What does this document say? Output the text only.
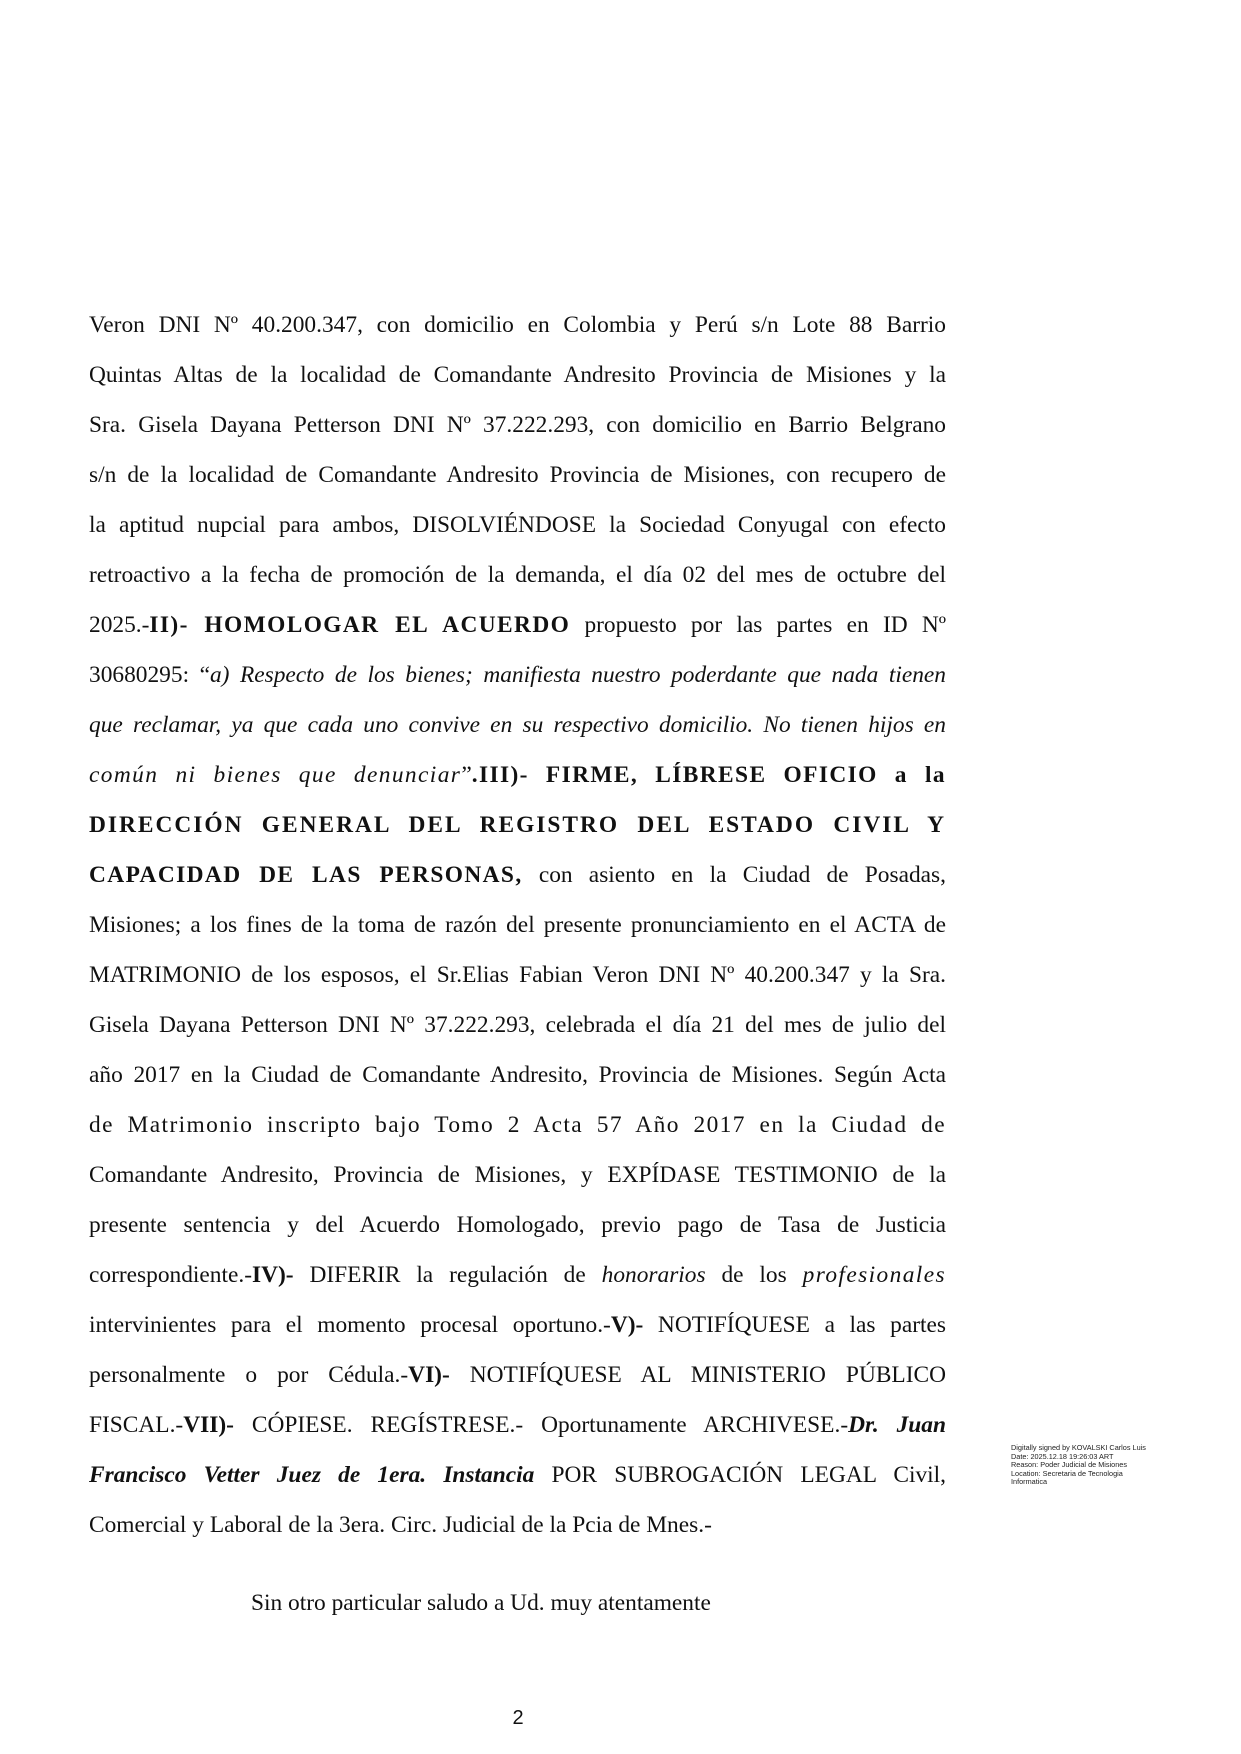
Veron DNI Nº 40.200.347, con domicilio en Colombia y Perú s/n Lote 88 Barrio
Quintas Altas de la localidad de Comandante Andresito Provincia de Misiones y la
Sra. Gisela Dayana Petterson DNI Nº 37.222.293, con domicilio en Barrio Belgrano
s/n de la localidad de Comandante Andresito Provincia de Misiones, con recupero de
la aptitud nupcial para ambos, DISOLVIÉNDOSE la Sociedad Conyugal con efecto
retroactivo a la fecha de promoción de la demanda, el día 02 del mes de octubre del
2025.-II)- HOMOLOGAR EL ACUERDO propuesto por las partes en ID Nº
30680295: “a) Respecto de los bienes; manifiesta nuestro poderdante que nada tienen
que reclamar, ya que cada uno convive en su respectivo domicilio. No tienen hijos en
común ni bienes que denunciar”.III)- FIRME, LÍBRESE OFICIO a la
DIRECCIÓN GENERAL DEL REGISTRO DEL ESTADO CIVIL Y
CAPACIDAD DE LAS PERSONAS, con asiento en la Ciudad de Posadas,
Misiones; a los fines de la toma de razón del presente pronunciamiento en el ACTA de
MATRIMONIO de los esposos, el Sr.Elias Fabian Veron DNI Nº 40.200.347 y la Sra.
Gisela Dayana Petterson DNI Nº 37.222.293, celebrada el día 21 del mes de julio del
año 2017 en la Ciudad de Comandante Andresito, Provincia de Misiones. Según Acta
de Matrimonio inscripto bajo Tomo 2 Acta 57 Año 2017 en la Ciudad de
Comandante Andresito, Provincia de Misiones, y EXPÍDASE TESTIMONIO de la
presente sentencia y del Acuerdo Homologado, previo pago de Tasa de Justicia
correspondiente.-IV)- DIFERIR la regulación de honorarios de los profesionales
intervinientes para el momento procesal oportuno.-V)- NOTIFÍQUESE a las partes
personalmente o por Cédula.-VI)- NOTIFÍQUESE AL MINISTERIO PÚBLICO
FISCAL.-VII)- CÓPIESE. REGÍSTRESE.- Oportunamente ARCHIVESE.-Dr. Juan
Francisco Vetter Juez de 1era. Instancia POR SUBROGACIÓN LEGAL Civil,
Comercial y Laboral de la 3era. Circ. Judicial de la Pcia de Mnes.-
Sin otro particular saludo a Ud. muy atentamente
Digitally signed by KOVALSKI Carlos Luis
Date: 2025.12.18 19:26:03 ART
Reason: Poder Judicial de Misiones
Location: Secretaria de Tecnologia
Informatica
2
